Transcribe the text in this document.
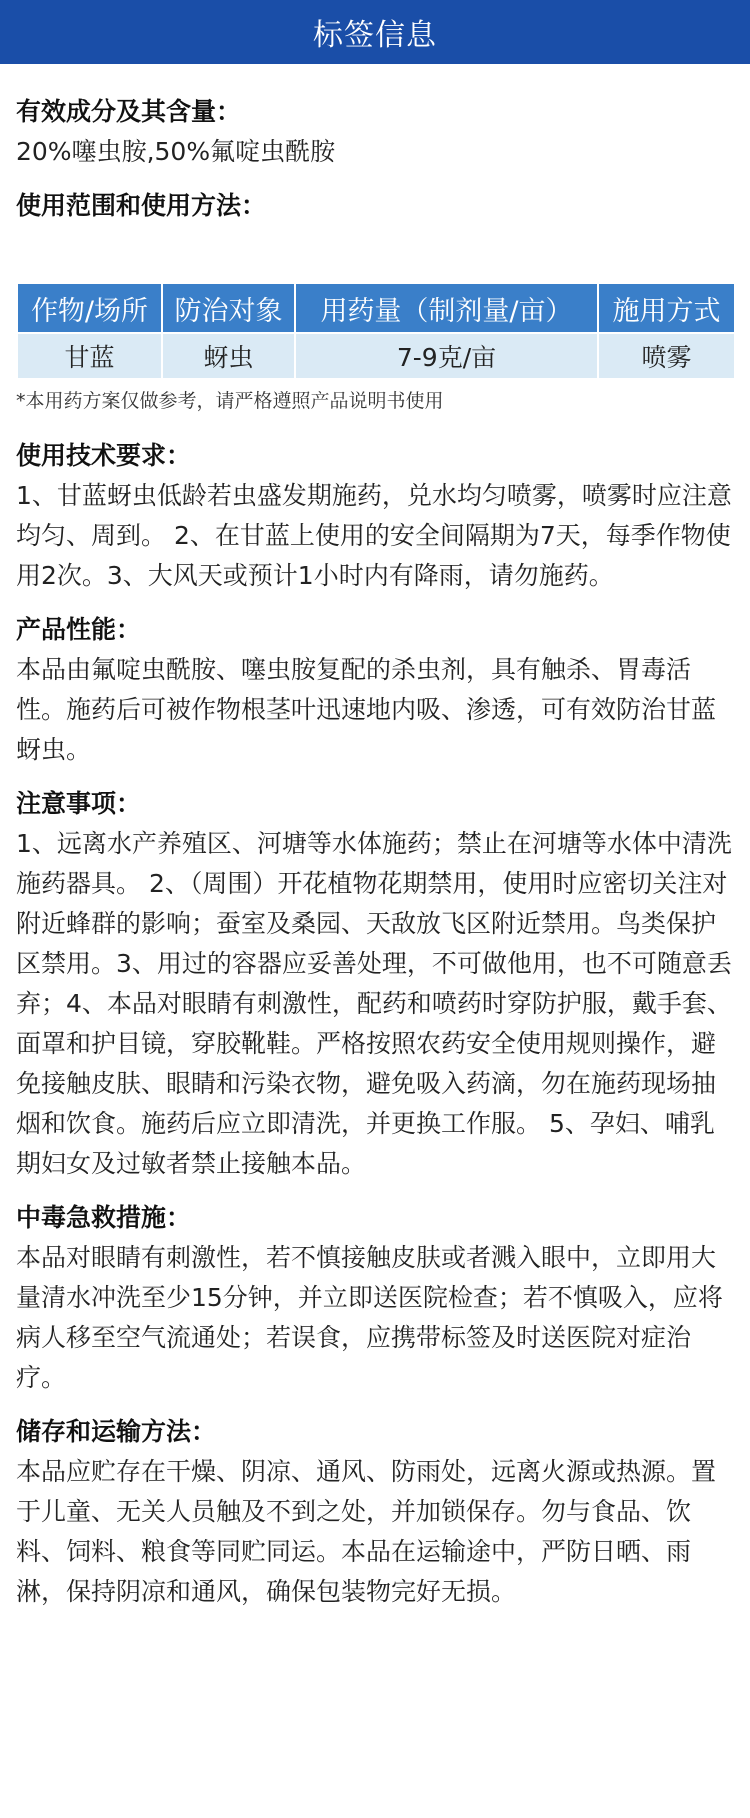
标签信息
有效成分及其含量：
20%噻虫胺,50%氟啶虫酰胺
使用范围和使用方法：
作物/场所	防治对象	用药量（制剂量/亩）	施用方式
甘蓝	蚜虫	7-9克/亩	喷雾
*本用药方案仅做参考，请严格遵照产品说明书使用
使用技术要求：
1、甘蓝蚜虫低龄若虫盛发期施药，兑水均匀喷雾，喷雾时应注意均匀、周到。 2、在甘蓝上使用的安全间隔期为7天，每季作物使用2次。3、大风天或预计1小时内有降雨，请勿施药。
产品性能：
本品由氟啶虫酰胺、噻虫胺复配的杀虫剂，具有触杀、胃毒活性。施药后可被作物根茎叶迅速地内吸、渗透，可有效防治甘蓝蚜虫。
注意事项：
1、远离水产养殖区、河塘等水体施药；禁止在河塘等水体中清洗施药器具。 2、（周围）开花植物花期禁用，使用时应密切关注对附近蜂群的影响；蚕室及桑园、天敌放飞区附近禁用。鸟类保护区禁用。3、用过的容器应妥善处理，不可做他用，也不可随意丢弃；4、本品对眼睛有刺激性，配药和喷药时穿防护服，戴手套、面罩和护目镜，穿胶靴鞋。严格按照农药安全使用规则操作，避免接触皮肤、眼睛和污染衣物，避免吸入药滴，勿在施药现场抽烟和饮食。施药后应立即清洗，并更换工作服。 5、孕妇、哺乳期妇女及过敏者禁止接触本品。
中毒急救措施：
本品对眼睛有刺激性，若不慎接触皮肤或者溅入眼中，立即用大量清水冲洗至少15分钟，并立即送医院检查；若不慎吸入，应将病人移至空气流通处；若误食，应携带标签及时送医院对症治疗。
储存和运输方法：
本品应贮存在干燥、阴凉、通风、防雨处，远离火源或热源。置于儿童、无关人员触及不到之处，并加锁保存。勿与食品、饮料、饲料、粮食等同贮同运。本品在运输途中，严防日晒、雨淋，保持阴凉和通风，确保包装物完好无损。
